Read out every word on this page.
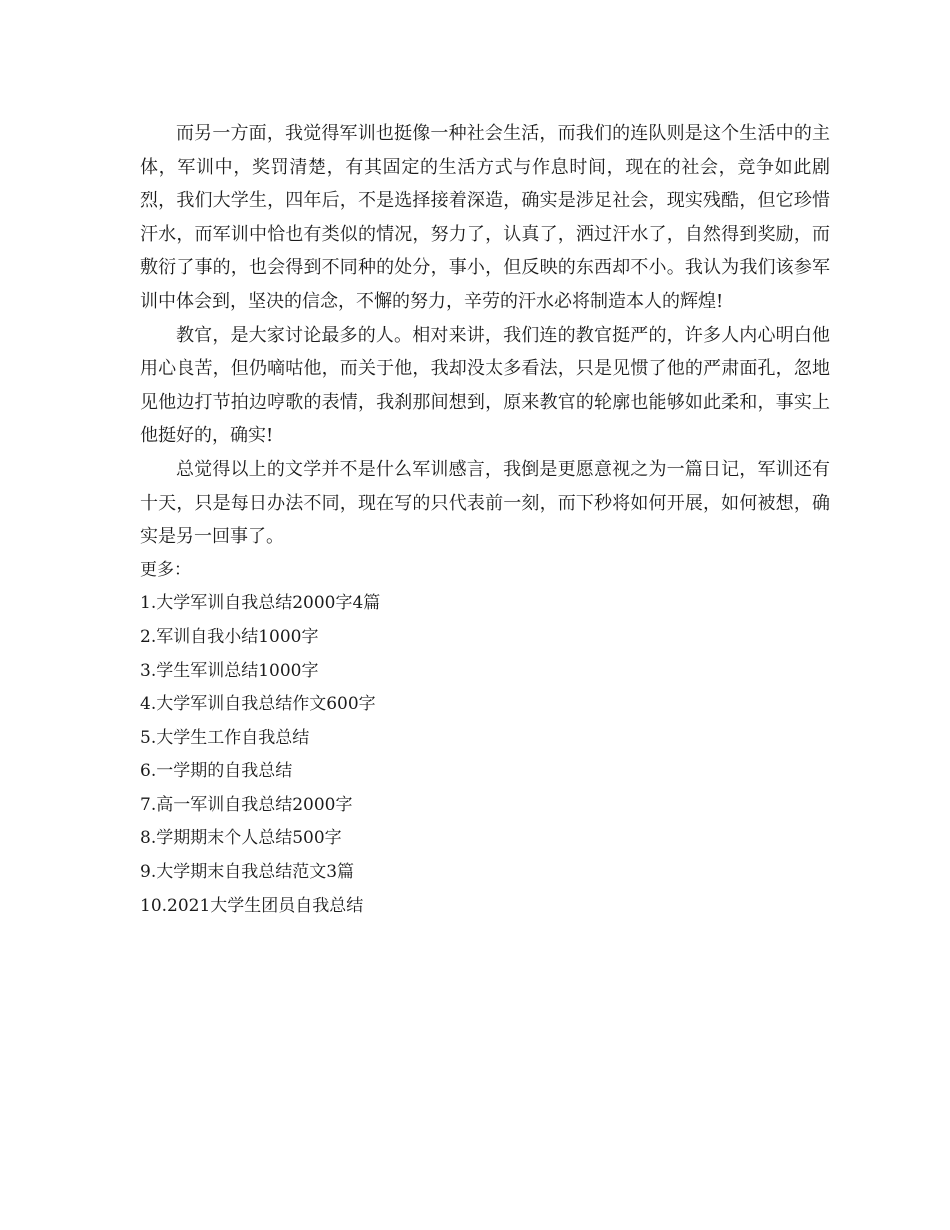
而另一方面，我觉得军训也挺像一种社会生活，而我们的连队则是这个生活中的主体，军训中，奖罚清楚，有其固定的生活方式与作息时间，现在的社会，竞争如此剧烈，我们大学生，四年后，不是选择接着深造，确实是涉足社会，现实残酷，但它珍惜汗水，而军训中恰也有类似的情况，努力了，认真了，洒过汗水了，自然得到奖励，而敷衍了事的，也会得到不同种的处分，事小，但反映的东西却不小。我认为我们该参军训中体会到，坚决的信念，不懈的努力，辛劳的汗水必将制造本人的辉煌!

教官，是大家讨论最多的人。相对来讲，我们连的教官挺严的，许多人内心明白他用心良苦，但仍嘀咕他，而关于他，我却没太多看法，只是见惯了他的严肃面孔，忽地见他边打节拍边哼歌的表情，我刹那间想到，原来教官的轮廓也能够如此柔和，事实上他挺好的，确实!

总觉得以上的文学并不是什么军训感言，我倒是更愿意视之为一篇日记，军训还有十天，只是每日办法不同，现在写的只代表前一刻，而下秒将如何开展，如何被想，确实是另一回事了。

更多：

1.大学军训自我总结2000字4篇
2.军训自我小结1000字
3.学生军训总结1000字
4.大学军训自我总结作文600字
5.大学生工作自我总结
6.一学期的自我总结
7.高一军训自我总结2000字
8.学期期末个人总结500字
9.大学期末自我总结范文3篇
10.2021大学生团员自我总结
